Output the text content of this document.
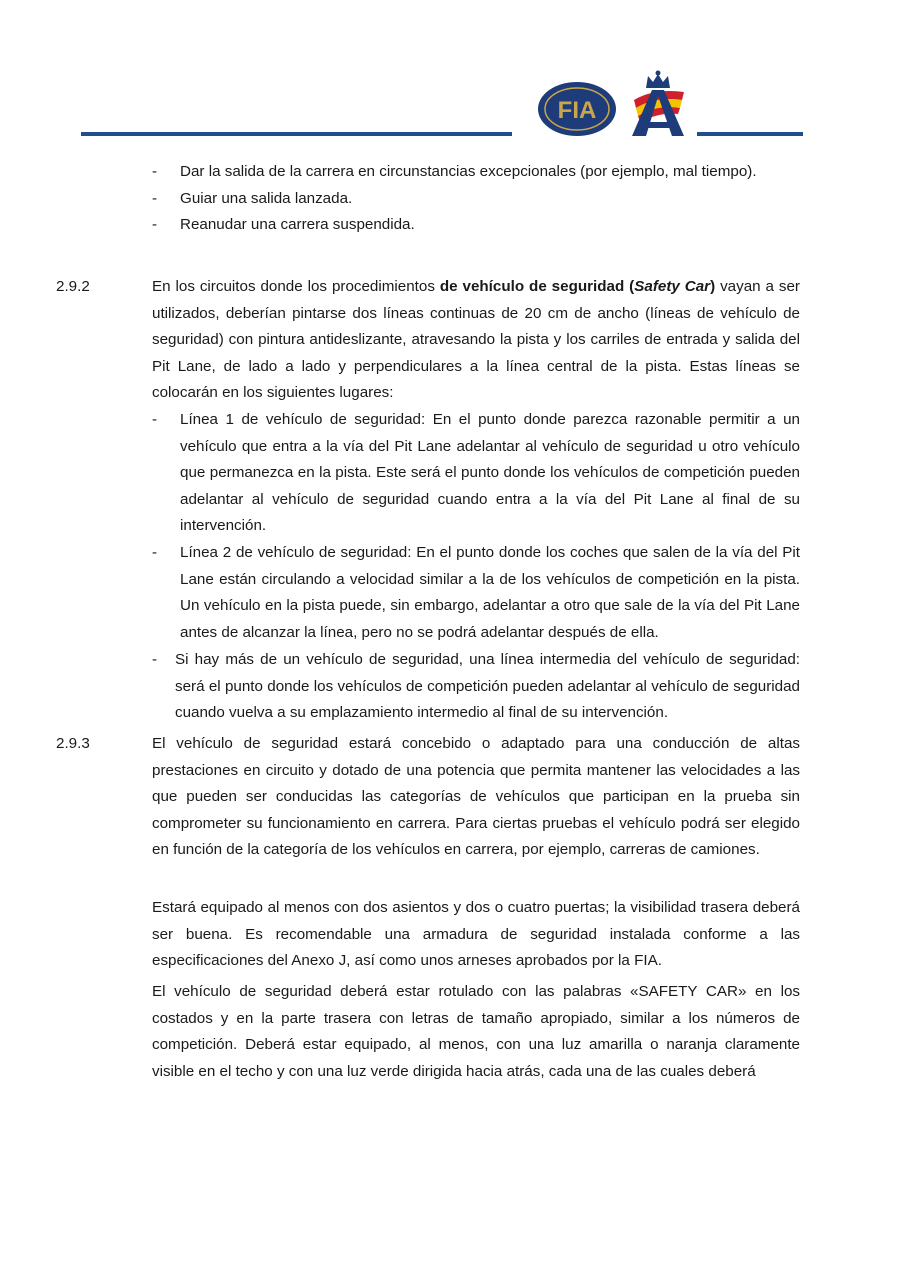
FIA
-	Dar la salida de la carrera en circunstancias excepcionales (por ejemplo, mal tiempo).
-	Guiar una salida lanzada.
-	Reanudar una carrera suspendida.
2.9.2	En los circuitos donde los procedimientos de vehículo de seguridad (Safety Car) vayan a ser utilizados, deberían pintarse dos líneas continuas de 20 cm de ancho (líneas de vehículo de seguridad) con pintura antideslizante, atravesando la pista y los carriles de entrada y salida del Pit Lane, de lado a lado y perpendiculares a la línea central de la pista. Estas líneas se colocarán en los siguientes lugares:
-	Línea 1 de vehículo de seguridad: En el punto donde parezca razonable permitir a un vehículo que entra a la vía del Pit Lane adelantar al vehículo de seguridad u otro vehículo que permanezca en la pista. Este será el punto donde los vehículos de competición pueden adelantar al vehículo de seguridad cuando entra a la vía del Pit Lane al final de su intervención.
-	Línea 2 de vehículo de seguridad: En el punto donde los coches que salen de la vía del Pit Lane están circulando a velocidad similar a la de los vehículos de competición en la pista. Un vehículo en la pista puede, sin embargo, adelantar a otro que sale de la vía del Pit Lane antes de alcanzar la línea, pero no se podrá adelantar después de ella.
-	Si hay más de un vehículo de seguridad, una línea intermedia del vehículo de seguridad: será el punto donde los vehículos de competición pueden adelantar al vehículo de seguridad cuando vuelva a su emplazamiento intermedio al final de su intervención.
2.9.3	El vehículo de seguridad estará concebido o adaptado para una conducción de altas prestaciones en circuito y dotado de una potencia que permita mantener las velocidades a las que pueden ser conducidas las categorías de vehículos que participan en la prueba sin comprometer su funcionamiento en carrera. Para ciertas pruebas el vehículo podrá ser elegido en función de la categoría de los vehículos en carrera, por ejemplo, carreras de camiones.
Estará equipado al menos con dos asientos y dos o cuatro puertas; la visibilidad trasera deberá ser buena. Es recomendable una armadura de seguridad instalada conforme a las especificaciones del Anexo J, así como unos arneses aprobados por la FIA.
El vehículo de seguridad deberá estar rotulado con las palabras «SAFETY CAR» en los costados y en la parte trasera con letras de tamaño apropiado, similar a los números de competición. Deberá estar equipado, al menos, con una luz amarilla o naranja claramente visible en el techo y con una luz verde dirigida hacia atrás, cada una de las cuales deberá
